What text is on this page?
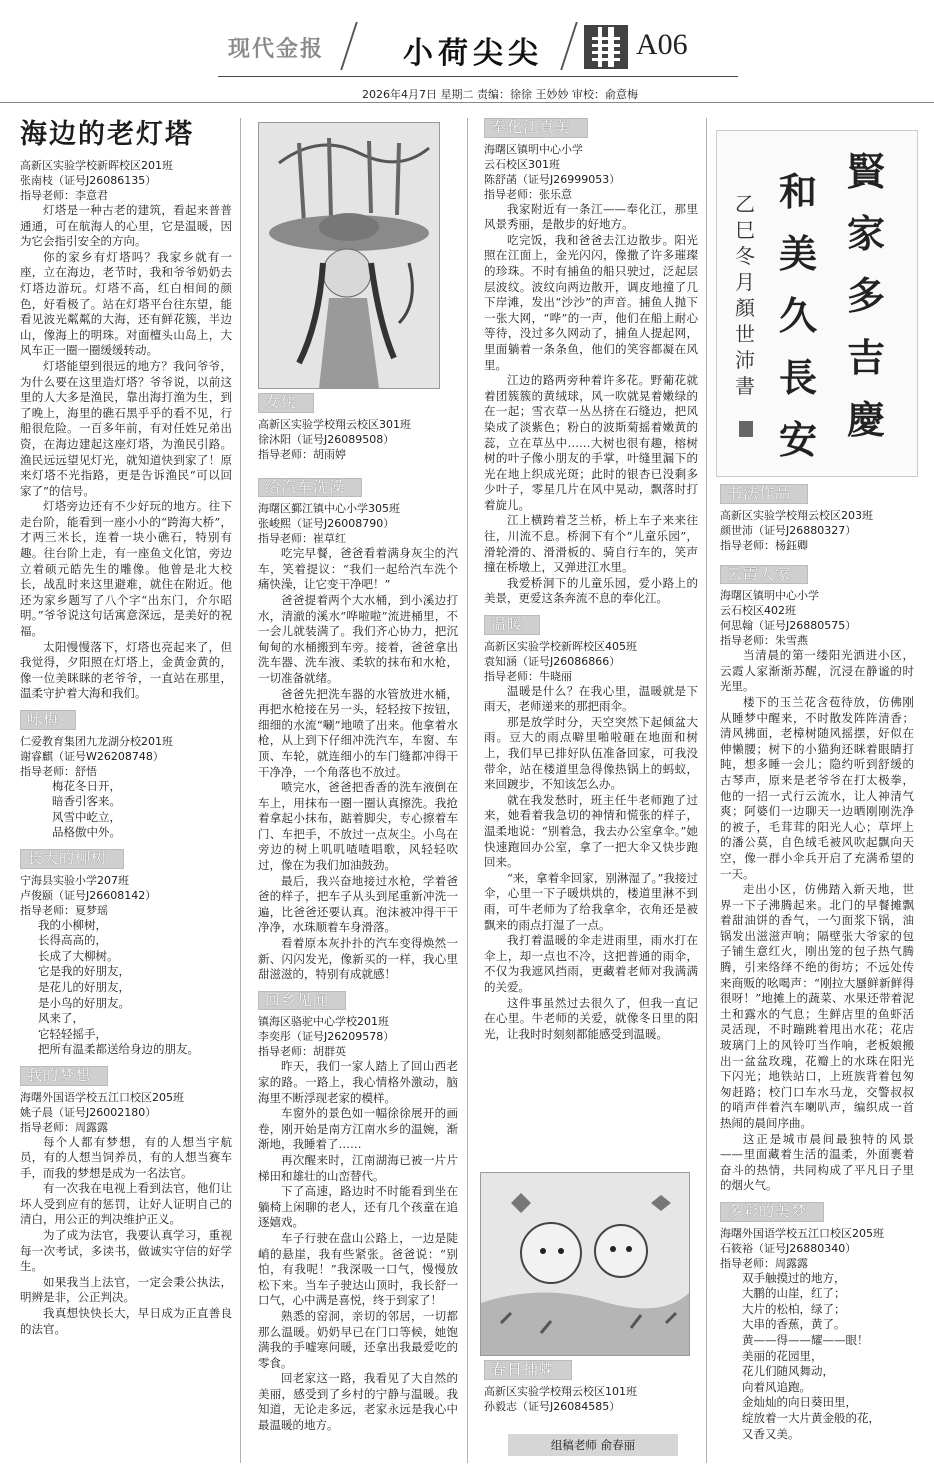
现代金报	小荷尖尖	A06
2026年4月7日 星期二 责编：徐徐 王妙妙 审校：俞意梅
海边的老灯塔
高新区实验学校新晖校区201班
张南枝（证号J26086135）
指导老师：李意君

灯塔是一种古老的建筑，看起来普普通通，可在航海人的心里，它是温暖，因为它会指引安全的方向。

你的家乡有灯塔吗？我家乡就有一座，立在海边，老节时，我和爷爷奶奶去灯塔边游玩。灯塔不高，红白相间的颜色，好看极了。站在灯塔平台往东望，能看见波光粼粼的大海，还有鲜花簇，半边山，像海上的明珠。对面檀头山岛上，大风车正一圈一圈缓缓转动。

灯塔能望到很远的地方？我问爷爷，为什么要在这里造灯塔？爷爷说，以前这里的人大多是渔民，靠出海打渔为生，到了晚上，海里的礁石黑乎乎的看不见，行船很危险。一百多年前，有对任姓兄弟出资，在海边建起这座灯塔，为渔民引路。渔民远远望见灯光，就知道快到家了！原来灯塔不光指路，更是告诉渔民“可以回家了”的信号。

灯塔旁边还有不少好玩的地方。往下走台阶，能看到一座小小的“跨海大桥”，才两三米长，连着一块小礁石，特别有趣。往台阶上走，有一座鱼文化馆，旁边立着硕元皓先生的雕像。他曾是北大校长，战乱时来这里避难，就住在附近。他还为家乡题写了八个字“出东门，介尔昭明。”爷爷说这句话寓意深远，是美好的祝福。

太阳慢慢落下，灯塔也亮起来了，但我觉得，夕阳照在灯塔上，金黄金黄的，像一位美眯眯的老爷爷，一直站在那里，温柔守护着大海和我们。

咏梅
仁爱教育集团九龙湖分校201班
谢睿麒（证号W26208748）
指导老师：舒悟
梅花冬日开，
暗香引客来。
风雪中屹立，
品格傲中外。
长大的柳树
宁海县实验小学207班
卢俊颐（证号J26608142）
指导老师：夏梦瑶
我的小柳树，
长得高高的，
长成了大柳树。
它是我的好朋友，
是花儿的好朋友，
是小鸟的好朋友。
风来了，
它轻轻摇手，
把所有温柔都送给身边的朋友。
我的梦想
海曙外国语学校五江口校区205班
姚子晨（证号J26002180）
指导老师：周露露

每个人都有梦想，有的人想当宇航员，有的人想当饲养员，有的人想当赛车手，而我的梦想是成为一名法官。

有一次我在电视上看到法官，他们让坏人受到应有的惩罚，让好人证明自己的清白，用公正的判决维护正义。

为了成为法官，我要认真学习，重视每一次考试，多读书，做诚实守信的好学生。

如果我当上法官，一定会秉公执法，明辨是非，公正判决。

我真想快快长大，早日成为正直善良的法官。

女侠
高新区实验学校翔云校区301班
徐沐阳（证号J26089508）
指导老师：胡雨婷
给汽车洗澡
海曙区鄞江镇中心小学305班
张峻熙（证号J26008790）
指导老师：崔草红

吃完早餐，爸爸看着满身灰尘的汽车，笑着提议：“我们一起给汽车洗个痛快澡，让它变干净吧！”

爸爸提着两个大水桶，到小溪边打水，清澈的溪水“哗啦啦”流进桶里，不一会儿就装满了。我们齐心协力，把沉甸甸的水桶搬到车旁。接着，爸爸拿出洗车器、洗车液、柔软的抹布和水枪，一切准备就绪。

爸爸先把洗车器的水管放进水桶，再把水枪接在另一头，轻轻按下按钮，细细的水流“唰”地喷了出来。他拿着水枪，从上到下仔细冲洗汽车，车窗、车顶、车轮，就连细小的车门缝都冲得干干净净，一个角落也不放过。

喷完水，爸爸把香香的洗车液倒在车上，用抹布一圈一圈认真擦洗。我抢着拿起小抹布，踮着脚尖，专心擦着车门、车把手，不放过一点灰尘。小鸟在旁边的树上叽叽喳喳唱歌，风轻轻吹过，像在为我们加油鼓劲。

最后，我兴奋地接过水枪，学着爸爸的样子，把车子从头到尾重新冲洗一遍，比爸爸还要认真。泡沫被冲得干干净净，水珠顺着车身滑落。

看着原本灰扑扑的汽车变得焕然一新、闪闪发光，像新买的一样，我心里甜滋滋的，特别有成就感！

回乡见闻
镇海区骆驼中心学校201班
李奕彤（证号J26209578）
指导老师：胡群英

昨天，我们一家人踏上了回山西老家的路。一路上，我心情格外激动，脑海里不断浮现老家的模样。

车窗外的景色如一幅徐徐展开的画卷，刚开始是南方江南水乡的温婉，渐渐地，我睡着了……

再次醒来时，江南湖海已被一片片梯田和雄壮的山峦替代。

下了高速，路边时不时能看到坐在躺椅上闲聊的老人，还有几个孩童在追逐嬉戏。

车子行驶在盘山公路上，一边是陡峭的悬崖，我有些紧张。爸爸说：“别怕，有我呢！”我深吸一口气，慢慢放松下来。当车子驶达山顶时，我长舒一口气，心中满是喜悦，终于到家了！

熟悉的窑洞，亲切的邻居，一切都那么温暖。奶奶早已在门口等候，她饱满我的手嘘寒问暖，还拿出我最爱吃的零食。

回老家这一路，我看见了大自然的美丽，感受到了乡村的宁静与温暖。我知道，无论走多远，老家永远是我心中最温暖的地方。

奉化江真美
海曙区镇明中心小学
云石校区301班
陈舒菡（证号J26999053）
指导老师：张乐意

我家附近有一条江——奉化江，那里风景秀丽，是散步的好地方。

吃完饭，我和爸爸去江边散步。阳光照在江面上，金光闪闪，像撒了许多璀璨的珍珠。不时有捕鱼的船只驶过，泛起层层波纹。波纹向两边散开，调皮地撞了几下岸滩，发出“沙沙”的声音。捕鱼人抛下一张大网，“哗”的一声，他们在船上耐心等待，没过多久网动了，捕鱼人提起网，里面躺着一条条鱼，他们的笑容都凝在风里。

江边的路两旁种着许多花。野葡花就着团簇簇的黄绒球，风一吹就晃着嫩绿的在一起；雪衣草一丛丛挤在石缝边，把风染成了淡紫色；粉白的波斯菊摇着嫩黄的蕊，立在草丛中……大树也很有趣，榕树树的叶子像小朋友的手掌，叶缝里漏下的光在地上织成光斑；此时的银杏已没剩多少叶子，零星几片在风中晃动，飘落时打着旋儿。

江上横跨着芝兰桥，桥上车子来来往往，川流不息。桥洞下有个“儿童乐园”，滑轮滑的、滑滑板的、骑自行车的，笑声撞在桥墩上，又弹进江水里。

我爱桥洞下的儿童乐园，爱小路上的美景，更爱这条奔流不息的奉化江。

温暖
高新区实验学校新晖校区405班
袁知涵（证号J26086866）
指导老师：牛晓丽

温暖是什么？在我心里，温暖就是下雨天，老师递来的那把雨伞。

那是放学时分，天空突然下起倾盆大雨。豆大的雨点噼里啪啦砸在地面和树上，我们早已排好队伍准备回家，可我没带伞，站在楼道里急得像热锅上的蚂蚁，来回踱步，不知该怎么办。

就在我发愁时，班主任牛老师跑了过来，她看着我急切的神情和慌张的样子，温柔地说：“别着急，我去办公室拿伞。”她快速跑回办公室，拿了一把大伞又快步跑回来。

“来，拿着伞回家，别淋湿了。”我接过伞，心里一下子暖烘烘的，楼道里淋不到雨，可牛老师为了给我拿伞，衣角还是被飘来的雨点打湿了一点。

我打着温暖的伞走进雨里，雨水打在伞上，却一点也不冷，这把普通的雨伞，不仅为我遮风挡雨，更藏着老师对我满满的关爱。

这件事虽然过去很久了，但我一直记在心里。牛老师的关爱，就像冬日里的阳光，让我时时刻刻都能感受到温暖。

春日捕蝶
高新区实验学校翔云校区101班
孙毅志（证号J26084585）
组稿老师 俞春丽
賢
家
多
吉
慶
和
美
久
長
安
乙巳冬月顏世沛書
书法作品
高新区实验学校翔云校区203班
颜世沛（证号J26880327）
指导老师：杨鈺卿
云霞人家
海曙区镇明中心小学
云石校区402班
何思翰（证号J26880575）
指导老师：朱雪燕

当清晨的第一缕阳光洒进小区，云霞人家渐渐苏醒，沉浸在静谧的时光里。

楼下的玉兰花含苞待放，仿佛刚从睡梦中醒来，不时散发阵阵清香；清风拂面，老樟树随风摇摆，好似在伸懒腰；树下的小猫狗还眯着眼睛打盹，想多睡一会儿；隐约听到舒缓的古琴声，原来是老爷爷在打太极拳，他的一招一式行云流水，让人神清气爽；阿婆们一边聊天一边晒刚刚洗净的被子，毛茸茸的阳光人心；草坪上的潘公莫，自色绒毛被风吹起飘向天空，像一群小伞兵开启了充满希望的一天。

走出小区，仿佛踏入新天地，世界一下子沸腾起来。北门的早餐摊飘着甜油饼的香气，一勺面浆下锅，油锅发出滋滋声响；隔壁张大爷家的包子铺生意红火，刚出笼的包子热气腾腾，引来络绎不绝的街坊；不远处传来商贩的吆喝声：“刚拉大蜃鲜新鲜得很呀！”地摊上的蔬菜、水果还带着泥土和露水的气息；生鲜店里的鱼虾活灵活现，不时蹦跳着甩出水花；花店玻璃门上的风铃叮当作响，老板娘搬出一盆盆玫瑰，花瓣上的水珠在阳光下闪光；地铁站口，上班族背着包匆匆赶路；校门口车水马龙，交警叔叔的哨声伴着汽车喇叭声，编织成一首热闹的晨间序曲。

这正是城市晨间最独特的风景——里面藏着生活的温柔，外面裹着奋斗的热情，共同构成了平凡日子里的烟火气。

多彩的美梦
海曙外国语学校五江口校区205班
石筱裕（证号J26880340）
指导老师：周露露
双手触摸过的地方，
大鹏的山崖，红了；
大片的松柏，绿了；
大串的香蕉，黄了。
黄——得——耀——眼！
美丽的花园里，
花儿们随风舞动，
向着风追跑。
金灿灿的向日葵田里，
绽放着一大片黄金般的花，
又香又美。
